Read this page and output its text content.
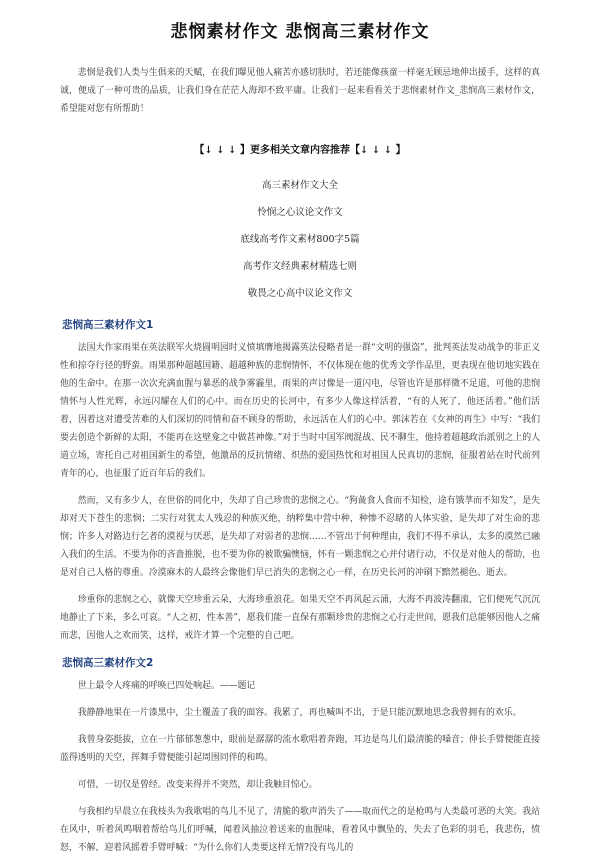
悲悯素材作文 悲悯高三素材作文

悲悯是我们人类与生俱来的天赋，在我们曝见他人痛苦亦感切肤时，若还能像孩童一样毫无顾忌地伸出援手，这样的真诚，便成了一种可贵的品质，让我们身在茫茫人海却不致平庸。让我们一起来看看关于悲悯素材作文_悲悯高三素材作文，希望能对您有所帮助！

【↓ ↓ ↓ 】更多相关文章内容推荐【↓ ↓ ↓ 】
高三素材作文大全
怜悯之心议论文作文
底线高考作文素材800字5篇
高考作文经典素材精选七则
敬畏之心高中议论文作文
悲悯高三素材作文1

法国大作家雨果在英法联军火烧圆明园时义愤填膺地揭露英法侵略者是一群“文明的强盗”，批判英法发动战争的非正义性和掠夺行径的野蛮。雨果那种超越国籍、超越种族的悲悯情怀，不仅体现在他的优秀文学作品里，更表现在他切地实践在他的生命中。在那一次次充满血腥与暴恶的战争雾霾里，雨果的声讨像是一道闪电，尽管也许是那样微不足道，可他的悲悯情怀与人性光辉，永远闪耀在人们的心中。而在历史的长河中，有多少人像这样活着，“有的人死了，他还活着。”他们活着，因着这对遭受苦难的人们深切的同情和奋不顾身的帮助，永远活在人们的心中。郭沫若在《女神的再生》中写：“我们要去创造个新鲜的太阳，不能再在这壁龛之中做甚神像。”对于当时中国军阀混战、民不聊生，他持着超越政治派别之上的人道立场，寄托自己对祖国新生的希望，他激昂的反抗情绪、炽热的爱国热忱和对祖国人民真切的悲悯，征服着站在时代前列青年的心，也征服了近百年后的我们。

然而，又有多少人，在世俗的同化中，失却了自己珍贵的悲悯之心。“狗彘食人食而不知检，途有饿莩而不知发”，是失却对天下苍生的悲悯；二实行对犹太人残忍的种族灭绝，纳粹集中营中种，种惨不忍睹的人体实验，是失却了对生命的悲悯；许多人对路边行乞者的漠视与厌恶，是失却了对弱者的悲悯……不管出于何种理由，我们不得不承认，太多的漠然已融入我们的生活。不要为你的吝啬推脱，也不要为你的被欺骗懊恼，怀有一颗悲悯之心并付诸行动，不仅是对他人的帮助，也是对自己人格的尊重。冷漠麻木的人最终会像他们早已消失的悲悯之心一样，在历史长河的冲刷下黯然褪色、逝去。

珍重你的悲悯之心，就像天空珍重云朵，大海珍重浪花。如果天空不再风起云涌，大海不再波涛翻滚，它们便死气沉沉地静止了下来，多么可哀。“人之初，性本善”，愿我们能一直保有那颗珍贵的悲悯之心行走世间，愿我们总能够因他人之痛而悲，因他人之欢而笑，这样，戒许才算一个完整的自己吧。

悲悯高三素材作文2

世上最令人疼痛的呼唤已四处响起。——题记

我静静地果在一片漆黑中，尘土覆盖了我的面容。我累了，再也喊叫不出，于是只能沉默地思念我曾拥有的欢乐。

我曾身姿挺拔，立在一片郁郁葱葱中，眼前是潺潺的流水歌唱着奔跑，耳边是鸟儿们最清脆的嗓音；伸长手臂便能直接蓝得透明的天空，挥舞手臂便能引起周围同伴的和鸣。

可惜，一切仅是曾经。改变来得并不突然，却让我触目惊心。

与我相约早晨立在我枝头为我歌唱的鸟儿不见了，清脆的歌声消失了——取而代之的是枪鸣与人类最可恶的大笑。我站在风中，听着风鸣咽着帮给鸟儿们呼喊，闻着风抽泣着送来的血腥味，看着风中飘坠的，失去了色彩的羽毛，我悲伤，愤怒，不解，迎着风摇着手臂呼喊：“为什么你们人类要这样无情?没有鸟儿的
